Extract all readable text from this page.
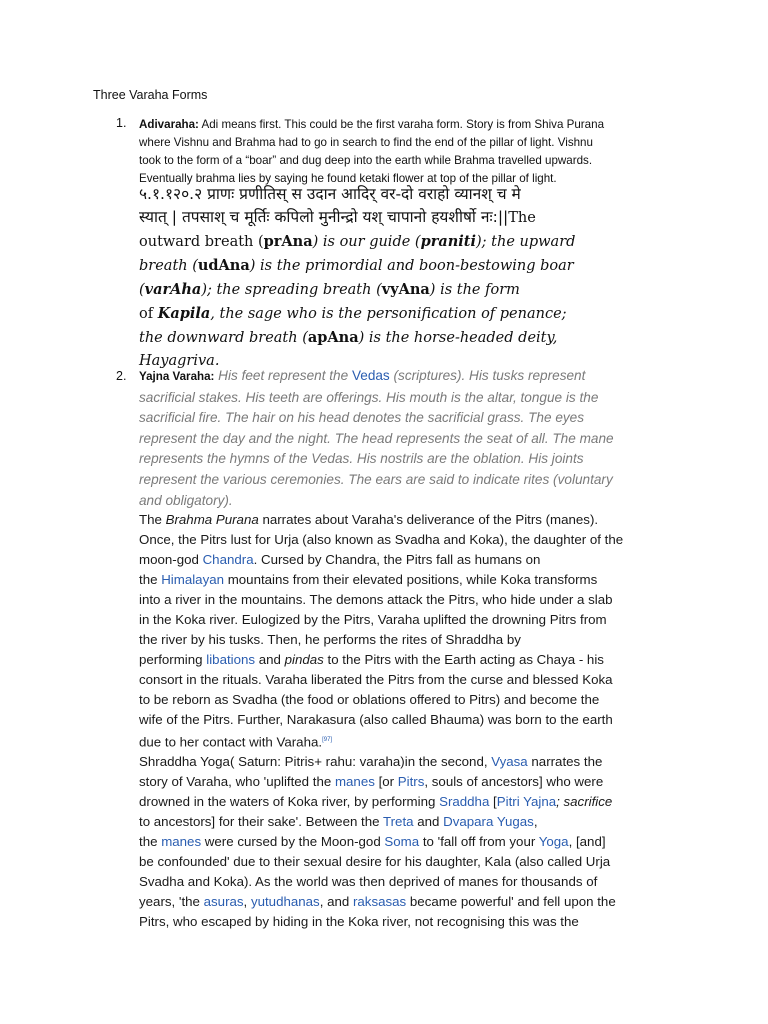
Three Varaha Forms
1. Adivaraha: Adi means first. This could be the first varaha form. Story is from Shiva Purana
where Vishnu and Brahma had to go in search to find the end of the pillar of light. Vishnu
took to the form of a “boar” and dug deep into the earth while Brahma travelled upwards.
Eventually brahma lies by saying he found ketaki flower at top of the pillar of light.
५.१.१२०.२ प्राणः प्रणीतिस् स उदान आदिर् वर-दो वराहो व्यानश् च मे
स्यात् | तपसाश् च मूर्तिः कपिलो मुनीन्द्रो यश् चापानो हयशीर्षो नः:||The
outward breath (prAna) is our guide (praniti); the upward
breath (udAna) is the primordial and boon-bestowing boar
(varAha); the spreading breath (vyAna) is the form
of Kapila, the sage who is the personification of penance;
the downward breath (apAna) is the horse-headed deity,
Hayagriva.
2. Yajna Varaha: His feet represent the Vedas (scriptures). His tusks represent
sacrificial stakes. His teeth are offerings. His mouth is the altar, tongue is the
sacrificial fire. The hair on his head denotes the sacrificial grass. The eyes
represent the day and the night. The head represents the seat of all. The mane
represents the hymns of the Vedas. His nostrils are the oblation. His joints
represent the various ceremonies. The ears are said to indicate rites (voluntary
and obligatory).
The Brahma Purana narrates about Varaha's deliverance of the Pitrs (manes).
Once, the Pitrs lust for Urja (also known as Svadha and Koka), the daughter of the
moon-god Chandra. Cursed by Chandra, the Pitrs fall as humans on
the Himalayan mountains from their elevated positions, while Koka transforms
into a river in the mountains. The demons attack the Pitrs, who hide under a slab
in the Koka river. Eulogized by the Pitrs, Varaha uplifted the drowning Pitrs from
the river by his tusks. Then, he performs the rites of Shraddha by
performing libations and pindas to the Pitrs with the Earth acting as Chaya - his
consort in the rituals. Varaha liberated the Pitrs from the curse and blessed Koka
to be reborn as Svadha (the food or oblations offered to Pitrs) and become the
wife of the Pitrs. Further, Narakasura (also called Bhauma) was born to the earth
due to her contact with Varaha.[97]
Shraddha Yoga( Saturn: Pitris+ rahu: varaha)in the second, Vyasa narrates the
story of Varaha, who 'uplifted the manes [or Pitrs, souls of ancestors] who were
drowned in the waters of Koka river, by performing Sraddha [Pitri Yajna; sacrifice
to ancestors] for their sake'. Between the Treta and Dvapara Yugas,
the manes were cursed by the Moon-god Soma to 'fall off from your Yoga, [and]
be confounded' due to their sexual desire for his daughter, Kala (also called Urja
Svadha and Koka). As the world was then deprived of manes for thousands of
years, 'the asuras, yutudhanas, and raksasas became powerful' and fell upon the
Pitrs, who escaped by hiding in the Koka river, not recognising this was the
